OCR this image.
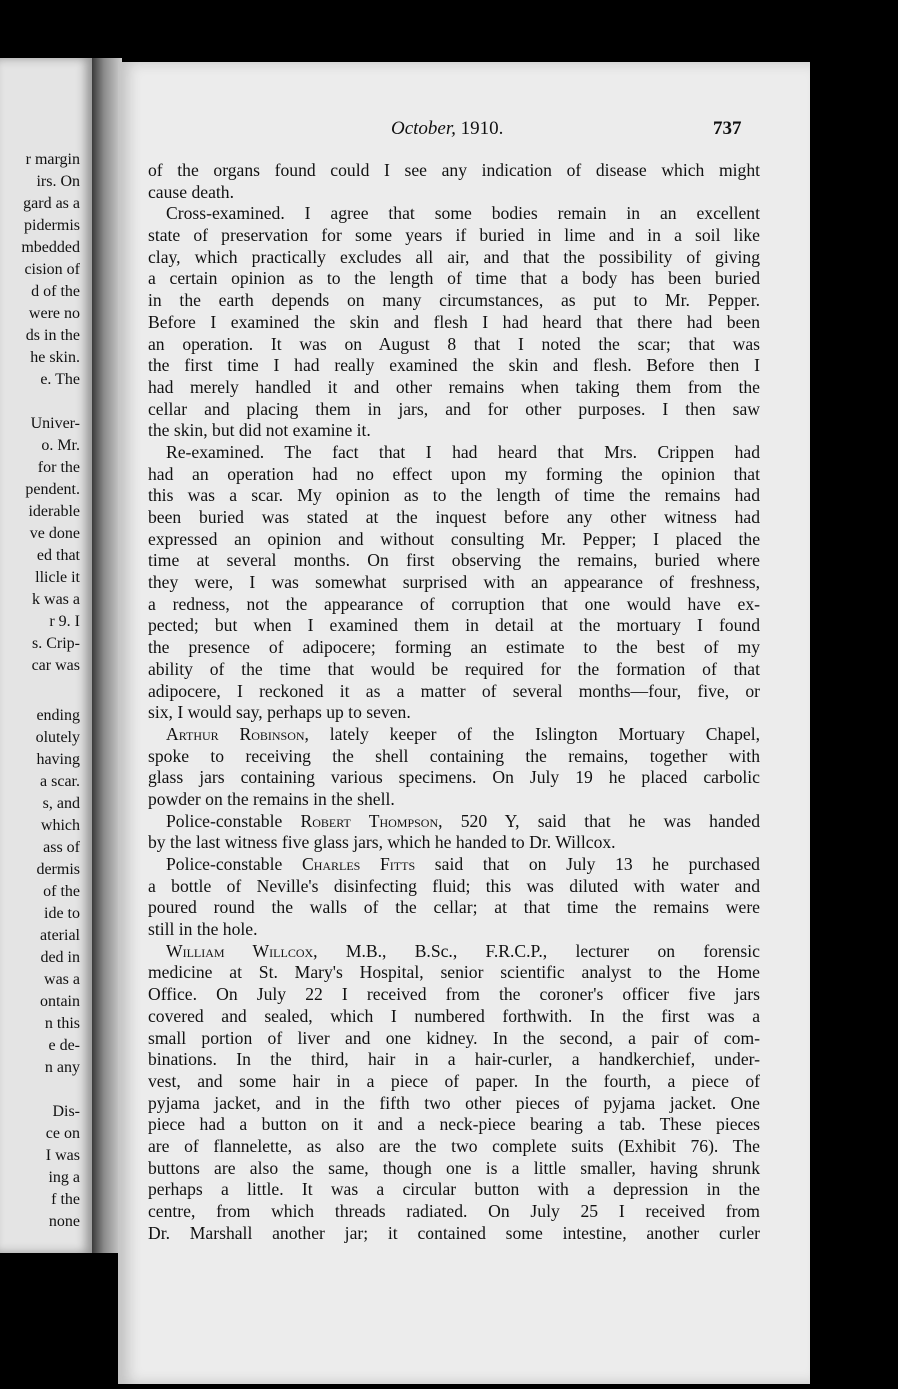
r margin
irs. On
gard as a
pidermis
mbedded
cision of
d of the
were no
ds in the
he skin.
e. The
Univer-
o. Mr.
for the
pendent.
iderable
ve done
ed that
llicle it
k was a
r 9. I
s. Crip-
car was
ending
olutely
having
a scar.
s, and
which
ass of
dermis
of the
ide to
aterial
ded in
was a
ontain
n this
e de-
n any
Dis-
ce on
I was
ing a
f the
none
October, 1910.	737
of the organs found could I see any indication of disease which might
cause death.
Cross-examined. I agree that some bodies remain in an excellent
state of preservation for some years if buried in lime and in a soil like
clay, which practically excludes all air, and that the possibility of giving
a certain opinion as to the length of time that a body has been buried
in the earth depends on many circumstances, as put to Mr. Pepper.
Before I examined the skin and flesh I had heard that there had been
an operation. It was on August 8 that I noted the scar; that was
the first time I had really examined the skin and flesh. Before then I
had merely handled it and other remains when taking them from the
cellar and placing them in jars, and for other purposes. I then saw
the skin, but did not examine it.
Re-examined. The fact that I had heard that Mrs. Crippen had
had an operation had no effect upon my forming the opinion that
this was a scar. My opinion as to the length of time the remains had
been buried was stated at the inquest before any other witness had
expressed an opinion and without consulting Mr. Pepper; I placed the
time at several months. On first observing the remains, buried where
they were, I was somewhat surprised with an appearance of freshness,
a redness, not the appearance of corruption that one would have ex-
pected; but when I examined them in detail at the mortuary I found
the presence of adipocere; forming an estimate to the best of my
ability of the time that would be required for the formation of that
adipocere, I reckoned it as a matter of several months—four, five, or
six, I would say, perhaps up to seven.
Arthur Robinson, lately keeper of the Islington Mortuary Chapel,
spoke to receiving the shell containing the remains, together with
glass jars containing various specimens. On July 19 he placed carbolic
powder on the remains in the shell.
Police-constable Robert Thompson, 520 Y, said that he was handed
by the last witness five glass jars, which he handed to Dr. Willcox.
Police-constable Charles Fitts said that on July 13 he purchased
a bottle of Neville's disinfecting fluid; this was diluted with water and
poured round the walls of the cellar; at that time the remains were
still in the hole.
William Willcox, M.B., B.Sc., F.R.C.P., lecturer on forensic
medicine at St. Mary's Hospital, senior scientific analyst to the Home
Office. On July 22 I received from the coroner's officer five jars
covered and sealed, which I numbered forthwith. In the first was a
small portion of liver and one kidney. In the second, a pair of com-
binations. In the third, hair in a hair-curler, a handkerchief, under-
vest, and some hair in a piece of paper. In the fourth, a piece of
pyjama jacket, and in the fifth two other pieces of pyjama jacket. One
piece had a button on it and a neck-piece bearing a tab. These pieces
are of flannelette, as also are the two complete suits (Exhibit 76). The
buttons are also the same, though one is a little smaller, having shrunk
perhaps a little. It was a circular button with a depression in the
centre, from which threads radiated. On July 25 I received from
Dr. Marshall another jar; it contained some intestine, another curler
